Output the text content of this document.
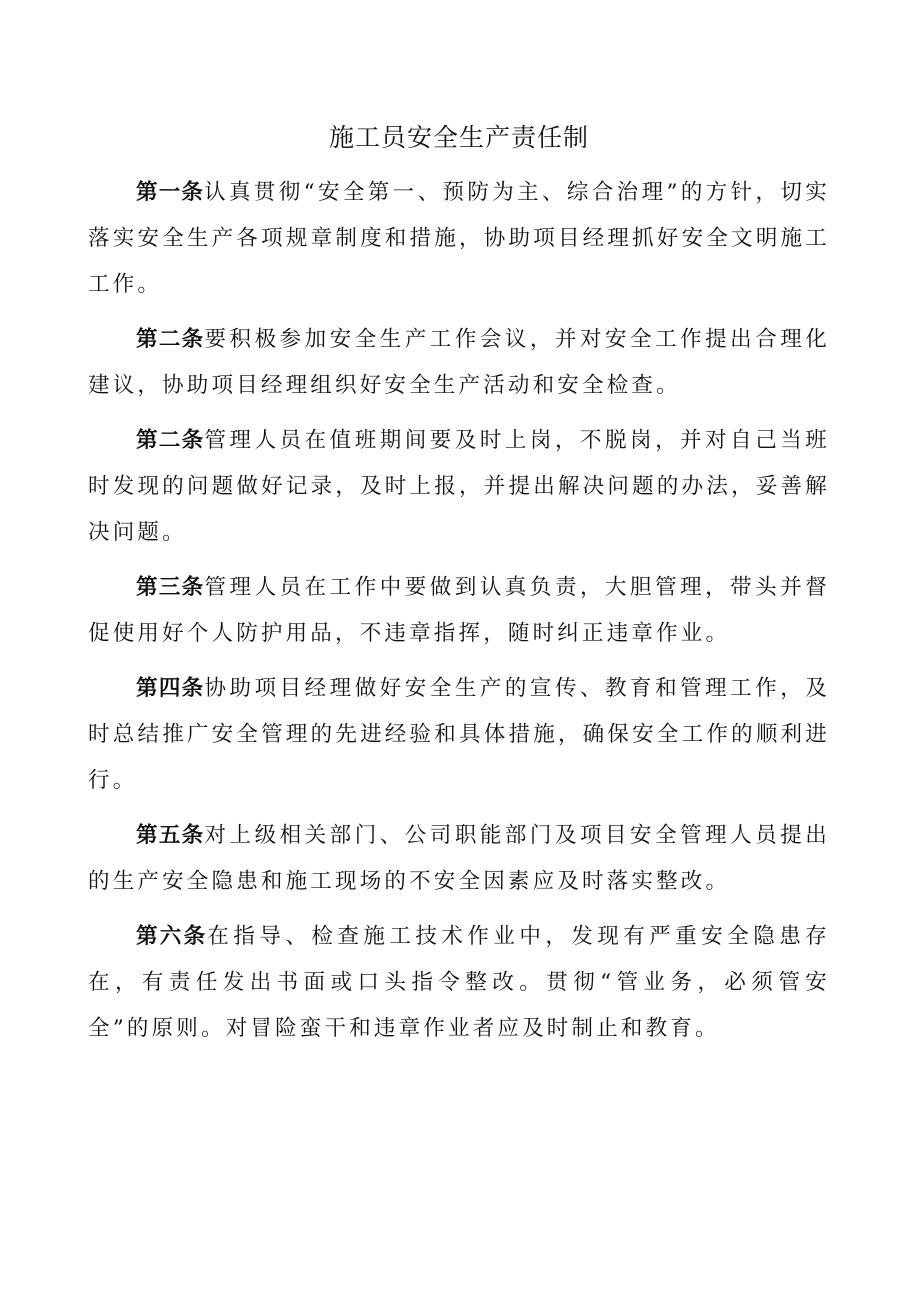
施工员安全生产责任制

第一条认真贯彻“安全第一、预防为主、综合治理”的方针，切实落实安全生产各项规章制度和措施，协助项目经理抓好安全文明施工工作。

第二条要积极参加安全生产工作会议，并对安全工作提出合理化建议，协助项目经理组织好安全生产活动和安全检查。

第二条管理人员在值班期间要及时上岗，不脱岗，并对自己当班时发现的问题做好记录，及时上报，并提出解决问题的办法，妥善解决问题。

第三条管理人员在工作中要做到认真负责，大胆管理，带头并督促使用好个人防护用品，不违章指挥，随时纠正违章作业。

第四条协助项目经理做好安全生产的宣传、教育和管理工作，及时总结推广安全管理的先进经验和具体措施，确保安全工作的顺利进行。

第五条对上级相关部门、公司职能部门及项目安全管理人员提出的生产安全隐患和施工现场的不安全因素应及时落实整改。

第六条在指导、检查施工技术作业中，发现有严重安全隐患存在，有责任发出书面或口头指令整改。贯彻“管业务，必须管安全”的原则。对冒险蛮干和违章作业者应及时制止和教育。
